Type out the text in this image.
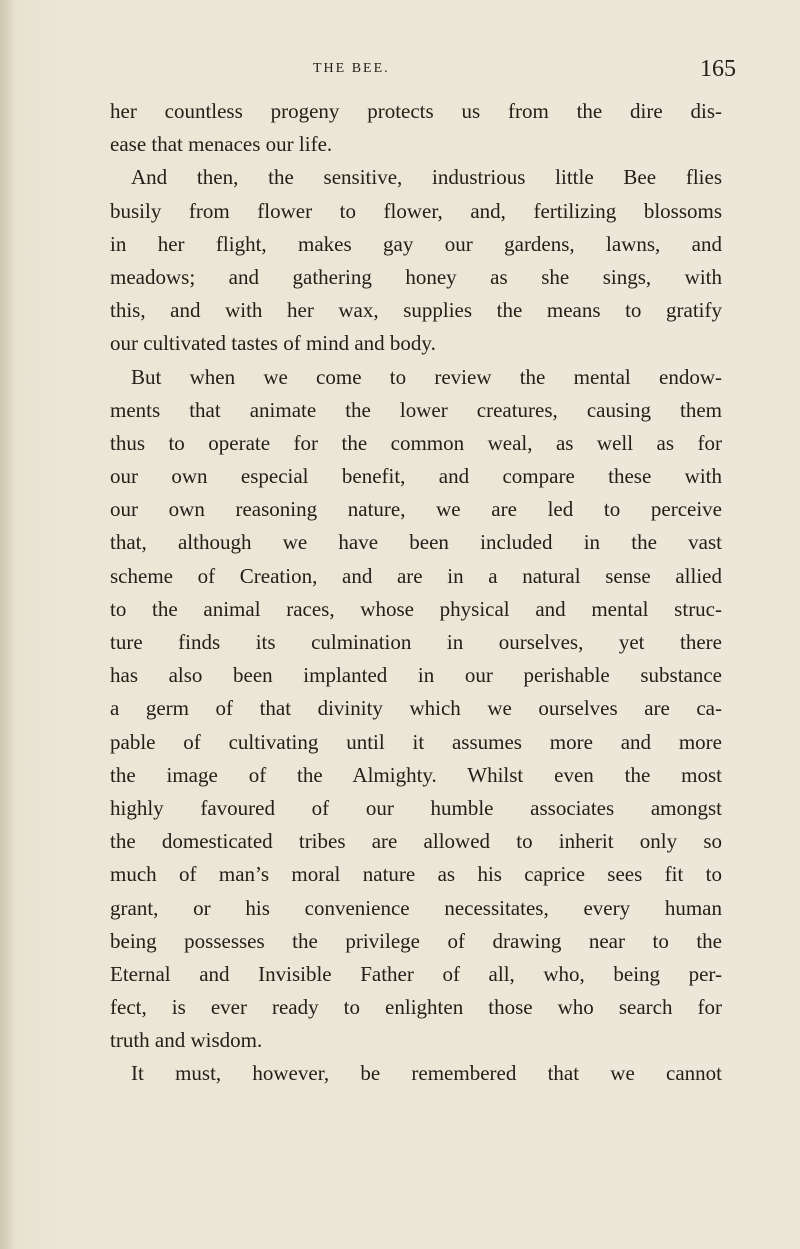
THE BEE.	165
her countless progeny protects us from the dire dis-
ease that menaces our life.
And then, the sensitive, industrious little Bee flies
busily from flower to flower, and, fertilizing blossoms
in her flight, makes gay our gardens, lawns, and
meadows; and gathering honey as she sings, with
this, and with her wax, supplies the means to gratify
our cultivated tastes of mind and body.
But when we come to review the mental endow-
ments that animate the lower creatures, causing them
thus to operate for the common weal, as well as for
our own especial benefit, and compare these with
our own reasoning nature, we are led to perceive
that, although we have been included in the vast
scheme of Creation, and are in a natural sense allied
to the animal races, whose physical and mental struc-
ture finds its culmination in ourselves, yet there
has also been implanted in our perishable substance
a germ of that divinity which we ourselves are ca-
pable of cultivating until it assumes more and more
the image of the Almighty. Whilst even the most
highly favoured of our humble associates amongst
the domesticated tribes are allowed to inherit only so
much of man’s moral nature as his caprice sees fit to
grant, or his convenience necessitates, every human
being possesses the privilege of drawing near to the
Eternal and Invisible Father of all, who, being per-
fect, is ever ready to enlighten those who search for
truth and wisdom.
It must, however, be remembered that we cannot
